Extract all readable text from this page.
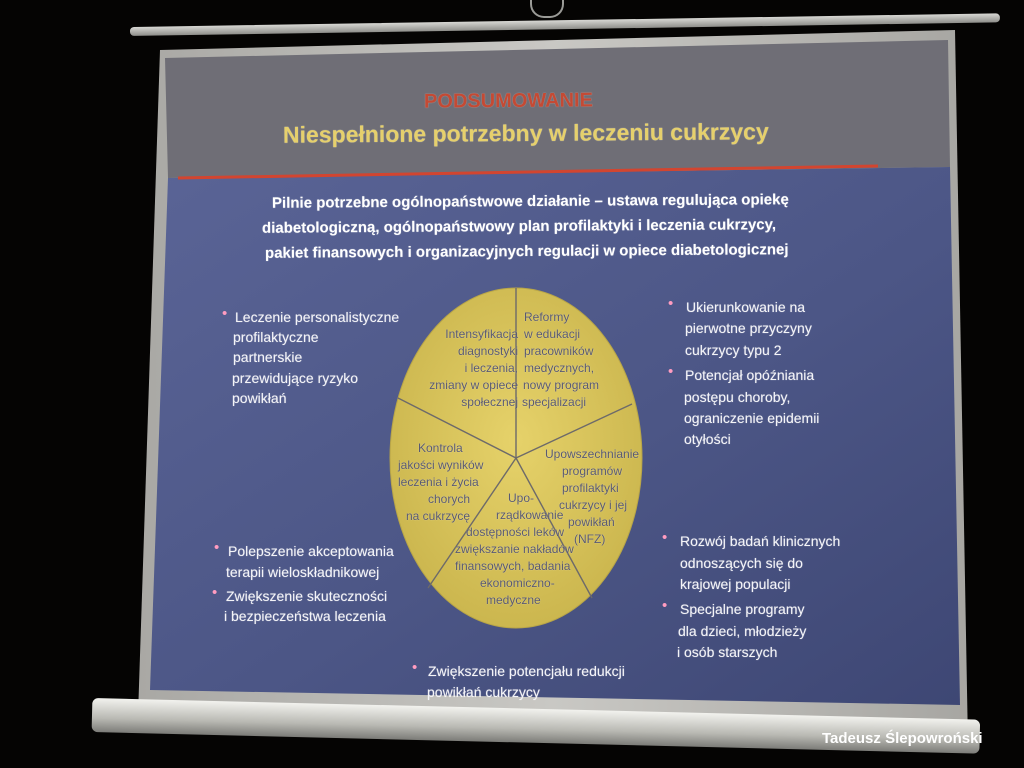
PODSUMOWANIE
Niespełnione potrzebny w leczeniu cukrzycy
Pilnie potrzebne ogólnopaństwowe działanie – ustawa regulująca opiekę
diabetologiczną, ogólnopaństwowy plan profilaktyki i leczenia cukrzycy,
pakiet finansowych i organizacyjnych regulacji w opiece diabetologicznej
• Leczenie personalistyczne
profilaktyczne
partnerskie
przewidujące ryzyko
powikłań
• Polepszenie akceptowania
terapii wieloskładnikowej
• Zwiększenie skuteczności
i bezpieczeństwa leczenia
• Ukierunkowanie na
pierwotne przyczyny
cukrzycy typu 2
• Potencjał opóźniania
postępu choroby,
ograniczenie epidemii
otyłości
• Rozwój badań klinicznych
odnoszących się do
krajowej populacji
• Specjalne programy
dla dzieci, młodzieży
i osób starszych
• Zwiększenie potencjału redukcji
powikłań cukrzycy
Intensyfikacja
diagnostyki
i leczenia,
zmiany w opiece
społecznej
Reformy
w edukacji
pracowników
medycznych,
nowy program
specjalizacji
Upowszechnianie
programów
profilaktyki
cukrzycy i jej
powikłań
(NFZ)
Upo-
rządkowanie
dostępności leków
zwiększanie nakładów
finansowych, badania
ekonomiczno-
medyczne
Kontrola
jakości wyników
leczenia i życia
chorych
na cukrzycę
Tadeusz Ślepowroński
